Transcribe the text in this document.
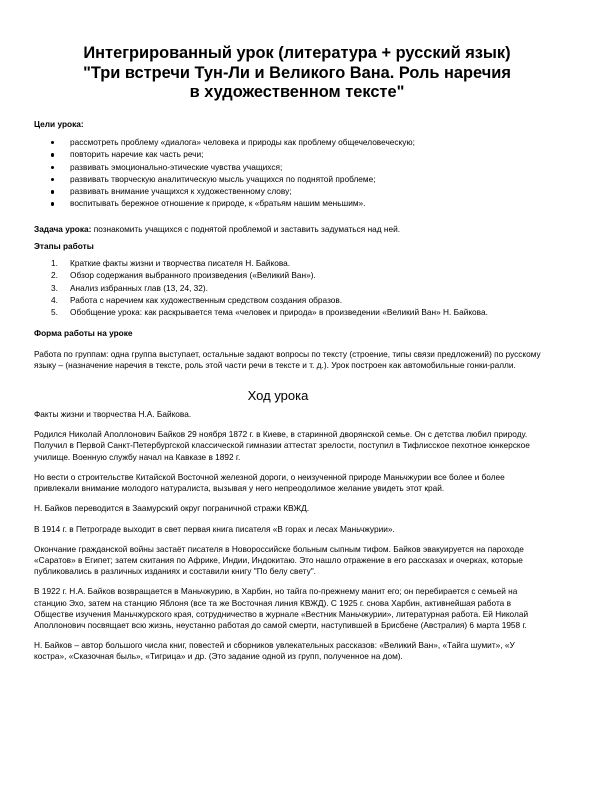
Интегрированный урок (литература + русский язык)
"Три встречи Тун-Ли и Великого Вана. Роль наречия
в художественном тексте"

Цели урока:

рассмотреть проблему «диалога» человека и природы как проблему общечеловеческую;
повторить наречие как часть речи;
развивать эмоционально-этические чувства учащихся;
развивать творческую аналитическую мысль учащихся по поднятой проблеме;
развивать внимание учащихся к художественному слову;
воспитывать бережное отношение к природе, к «братьям нашим меньшим».

Задача урока: познакомить учащихся с поднятой проблемой и заставить задуматься над ней.

Этапы работы

1. Краткие факты жизни и творчества писателя Н. Байкова.
2. Обзор содержания выбранного произведения («Великий Ван»).
3. Анализ избранных глав (13, 24, 32).
4. Работа с наречием как художественным средством создания образов.
5. Обобщение урока: как раскрывается тема «человек и природа» в произведении «Великий Ван» Н. Байкова.

Форма работы на уроке

Работа по группам: одна группа выступает, остальные задают вопросы по тексту (строение, типы связи предложений) по русскому языку – (назначение наречия в тексте, роль этой части речи в тексте и т. д.). Урок построен как автомобильные гонки-ралли.

Ход урока

Факты жизни и творчества Н.А. Байкова.

Родился Николай Аполлонович Байков 29 ноября 1872 г. в Киеве, в старинной дворянской семье. Он с детства любил природу. Получил в Первой Санкт-Петербургской классической гимназии аттестат зрелости, поступил в Тифлисское пехотное юнкерское училище. Военную службу начал на Кавказе в 1892 г.

Но вести о строительстве Китайской Восточной железной дороги, о неизученной природе Маньчжурии все более и более привлекали внимание молодого натуралиста, вызывая у него непреодолимое желание увидеть этот край.

Н. Байков переводится в Заамурский округ пограничной стражи КВЖД.

В 1914 г. в Петрограде выходит в свет первая книга писателя «В горах и лесах Маньчжурии».

Окончание гражданской войны застаёт писателя в Новороссийске больным сыпным тифом. Байков эвакуируется на пароходе «Саратов» в Египет; затем скитания по Африке, Индии, Индокитаю. Это нашло отражение в его рассказах и очерках, которые публиковались в различных изданиях и составили книгу "По белу свету".

В 1922 г. Н.А. Байков возвращается в Маньчжурию, в Харбин, но тайга по-прежнему манит его; он перебирается с семьей на станцию Эхо, затем на станцию Яблоня (все та же Восточная линия КВЖД). С 1925 г. снова Харбин, активнейшая работа в Обществе изучения Маньчжурского края, сотрудничество в журнале «Вестник Маньчжурии», литературная работа. Ей Николай Аполлонович посвящает всю жизнь, неустанно работая до самой смерти, наступившей в Брисбене (Австралия) 6 марта 1958 г.

Н. Байков – автор большого числа книг, повестей и сборников увлекательных рассказов: «Великий Ван», «Тайга шумит», «У костра», «Сказочная быль», «Тигрица» и др. (Это задание одной из групп, полученное на дом).
